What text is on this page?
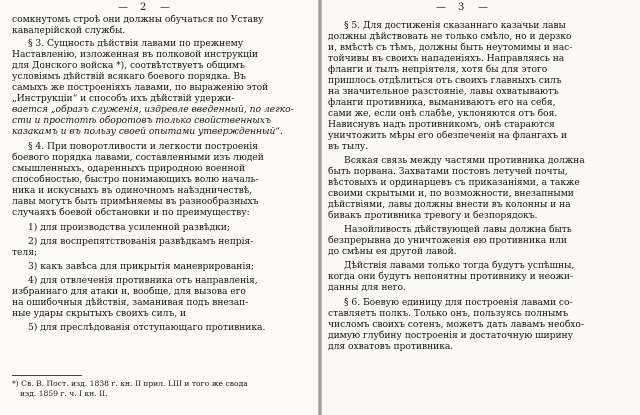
— 2 —
сомкнутомъ строѣ они должны обучаться по Уставу
кавалерійской службы.
§ 3. Сущность дѣйствія лавами по прежнему
Наставленію, изложенная въ полковой инструкціи
для Донского войска *), соотвѣтствуетъ общимъ
условіямъ дѣйствій всякаго боевого порядка. Въ
самыхъ же построеніяхъ лавами, по выраженію этой
„Инструкціи“ и способъ ихъ дѣйствій удержи-
вается „образъ служенія, издревле введенный, по легко-
сти и простотѣ оборотовъ только свойственныхъ
казакамъ и въ пользу своей опытами утвержденный“.
§ 4. При поворотливости и легкости построенія
боевого порядка лавами, составленными изъ людей
смышленныхъ, одаренныхъ природною военной
способностью, быстро понимающихъ волю началь-
ника и искусныхъ въ одиночномъ наѣздничествѣ,
лавы могутъ быть примѣняемы въ разнообразныхъ
случаяхъ боевой обстановки и по преимуществу:
1) для производства усиленной развѣдки;
2) для воспрепятствованія развѣдкамъ непрія-
теля;
3) какъ завѣса для прикрытія маневрированія;
4) для отвлеченія противника отъ направленія,
избраннаго для атаки и, вообще, для вызова его
на ошибочныя дѣйствія, заманивая подъ внезап-
ные удары скрытыхъ своихъ силъ, и
5) для преслѣдованія отступающаго противника.
*) Св. В. Пост. изд. 1838 г. кн. II прил. LIII и того же свода
изд. 1859 г. ч. I кн. II.
— 3 —
§ 5. Для достиженія сказаннаго казачьи лавы
должны дѣйствовать не только смѣло, но и дерзко
и, вмѣстѣ съ тѣмъ, должны быть неутомимы и нас-
тойчивы въ своихъ нападеніяхъ. Направляясь на
фланги и тылъ непріятеля, хотя бы для этого
пришлось отдѣлиться отъ своихъ главныхъ силъ
на значительное разстояніе, лавы охватываютъ
фланги противника, выманиваютъ его на себя,
сами же, если онѣ слабѣе, уклоняются отъ боя.
Нависнувъ надъ противникомъ, онѣ стараются
уничтожить мѣры его обезпеченія на флангахъ и
въ тылу.
Всякая связь между частями противника должна
быть порвана. Захватами постовъ летучей почты,
вѣстовыхъ и ординарцевъ съ приказаніями, а также
своими скрытыми и, по возможности, внезапными
дѣйствіями, лавы должны внести въ колонны и на
бивакъ противника тревогу и безпорядокъ.
Назойливость дѣйствующей лавы должна быть
безпрерывна до уничтоженія ею противника или
до смѣны ея другой лавой.
Дѣйствія лавами только тогда будутъ успѣшны,
когда они будутъ непонятны противнику и неожи-
данны для него.
§ 6. Боевую единицу для построенія лавами со-
ставляетъ полкъ. Только онъ, пользуясь полнымъ
числомъ своихъ сотенъ, можетъ дать лавамъ необхо-
димую глубину построенія и достаточную ширину
для охватовъ противника.
